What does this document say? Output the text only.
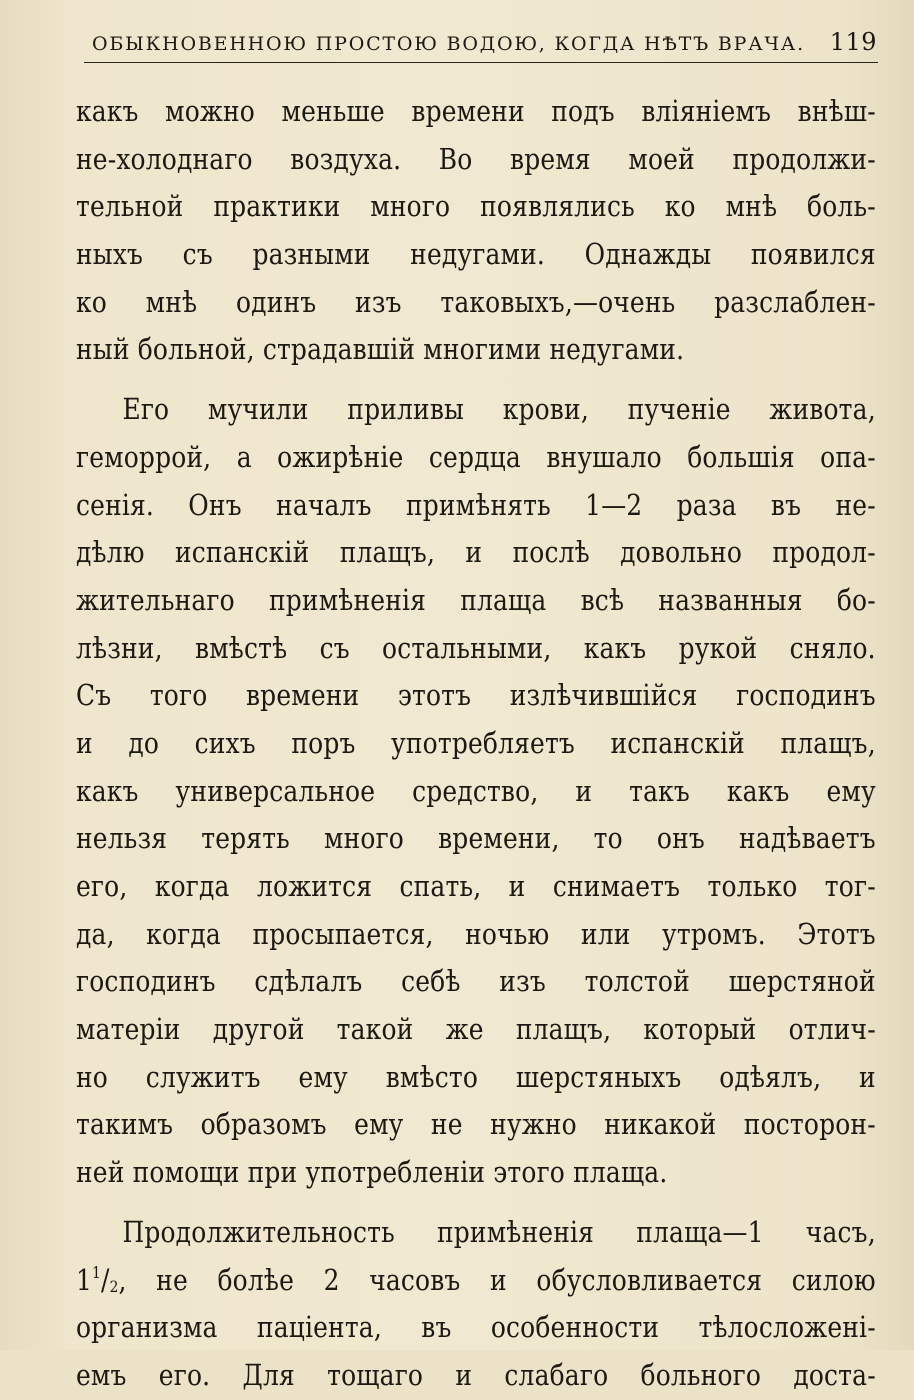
ОБЫКНОВЕННОЮ ПРОСТОЮ ВОДОЮ, КОГДА НѢТЪ ВРАЧА. 119
какъ можно меньше времени подъ вліяніемъ внѣш-
не-холоднаго воздуха. Во время моей продолжи-
тельной практики много появлялись ко мнѣ боль-
ныхъ съ разными недугами. Однажды появился
ко мнѣ одинъ изъ таковыхъ,—очень разслаблен-
ный больной, страдавшій многими недугами.
Его мучили приливы крови, пученіе живота,
геморрой, а ожирѣніе сердца внушало большія опа-
сенія. Онъ началъ примѣнять 1—2 раза въ не-
дѣлю испанскій плащъ, и послѣ довольно продол-
жительнаго примѣненія плаща всѣ названныя бо-
лѣзни, вмѣстѣ съ остальными, какъ рукой сняло.
Съ того времени этотъ излѣчившійся господинъ
и до сихъ поръ употребляетъ испанскій плащъ,
какъ универсальное средство, и такъ какъ ему
нельзя терять много времени, то онъ надѣваетъ
его, когда ложится спать, и снимаетъ только тог-
да, когда просыпается, ночью или утромъ. Этотъ
господинъ сдѣлалъ себѣ изъ толстой шерстяной
матеріи другой такой же плащъ, который отлич-
но служитъ ему вмѣсто шерстяныхъ одѣялъ, и
такимъ образомъ ему не нужно никакой посторон-
ней помощи при употребленіи этого плаща.
Продолжительность примѣненія плаща—1 часъ,
$1^1/_2$, не болѣе 2 часовъ и обусловливается силою
организма паціента, въ особенности тѣлосложені-
емъ его. Для тощаго и слабаго больного доста-
